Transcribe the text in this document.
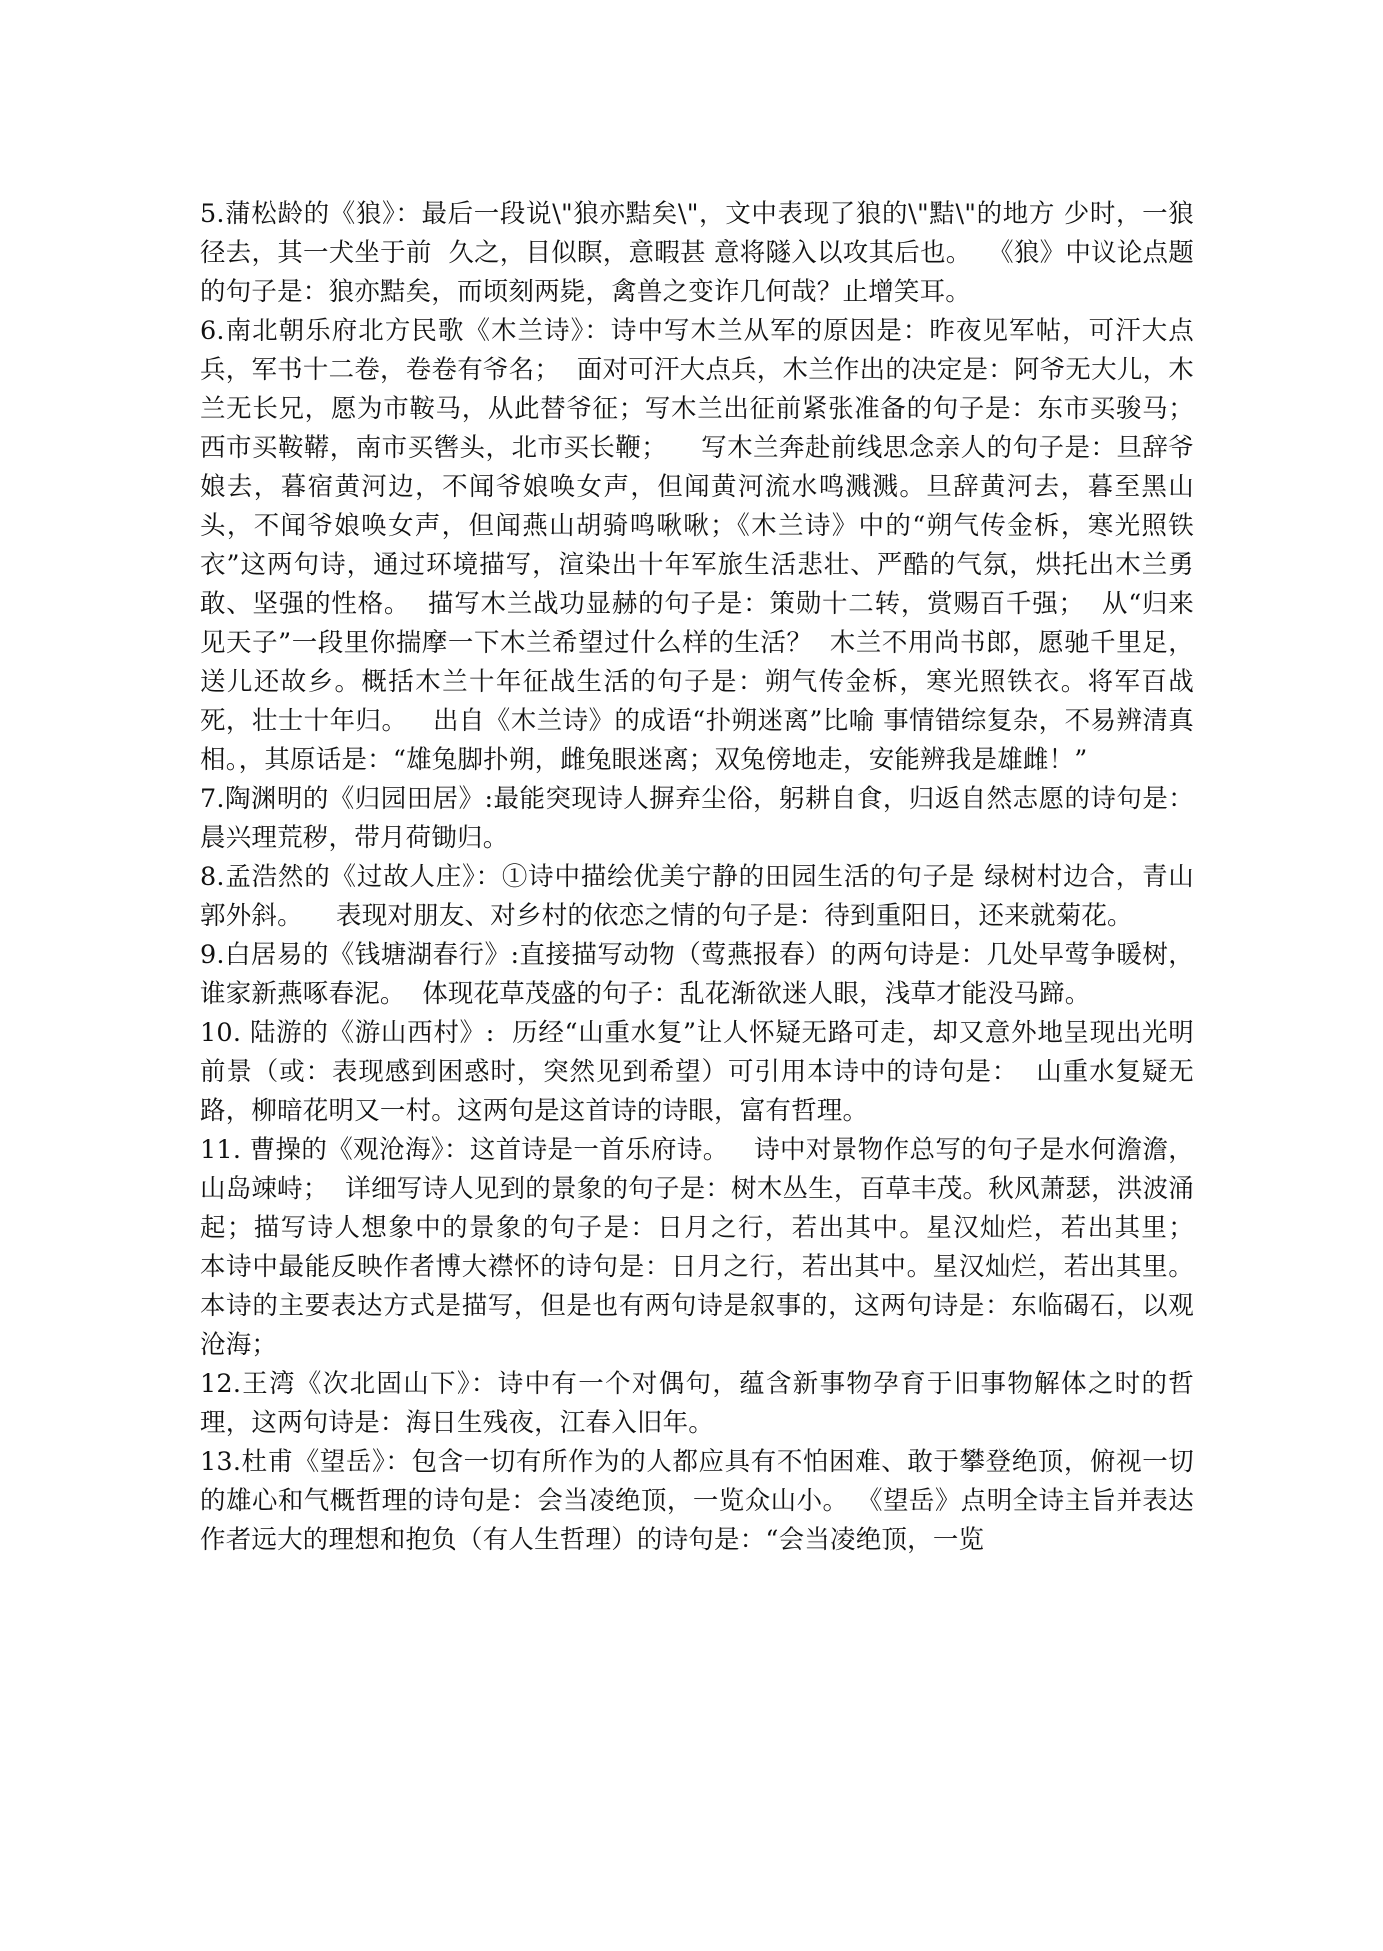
5.蒲松龄的《狼》：最后一段说\"狼亦黠矣\"，文中表现了狼的\"黠\"的地方 少时，一狼径去，其一犬坐于前  久之，目似瞑，意暇甚 意将隧入以攻其后也。  《狼》中议论点题的句子是：狼亦黠矣，而顷刻两毙，禽兽之变诈几何哉？止增笑耳。

6.南北朝乐府北方民歌《木兰诗》：诗中写木兰从军的原因是：昨夜见军帖，可汗大点兵，军书十二卷，卷卷有爷名；  面对可汗大点兵，木兰作出的决定是：阿爷无大儿，木兰无长兄，愿为市鞍马，从此替爷征；写木兰出征前紧张准备的句子是：东市买骏马；西市买鞍鞯，南市买辔头，北市买长鞭；    写木兰奔赴前线思念亲人的句子是：旦辞爷娘去，暮宿黄河边，不闻爷娘唤女声，但闻黄河流水鸣溅溅。旦辞黄河去，暮至黑山头，不闻爷娘唤女声，但闻燕山胡骑鸣啾啾；《木兰诗》中的“朔气传金柝，寒光照铁衣”这两句诗，通过环境描写，渲染出十年军旅生活悲壮、严酷的气氛，烘托出木兰勇敢、坚强的性格。  描写木兰战功显赫的句子是：策勋十二转，赏赐百千强；  从“归来见天子”一段里你揣摩一下木兰希望过什么样的生活？  木兰不用尚书郎，愿驰千里足，送儿还故乡。概括木兰十年征战生活的句子是：朔气传金柝，寒光照铁衣。将军百战死，壮士十年归。   出自《木兰诗》的成语“扑朔迷离”比喻 事情错综复杂，不易辨清真相。，其原话是：“雄兔脚扑朔，雌兔眼迷离；双兔傍地走，安能辨我是雄雌！”

7.陶渊明的《归园田居》:最能突现诗人摒弃尘俗，躬耕自食，归返自然志愿的诗句是：晨兴理荒秽，带月荷锄归。

8.孟浩然的《过故人庄》：①诗中描绘优美宁静的田园生活的句子是 绿树村边合，青山郭外斜。    表现对朋友、对乡村的依恋之情的句子是：待到重阳日，还来就菊花。

9.白居易的《钱塘湖春行》:直接描写动物（莺燕报春）的两句诗是：几处早莺争暖树，谁家新燕啄春泥。  体现花草茂盛的句子：乱花渐欲迷人眼，浅草才能没马蹄。

10. 陆游的《游山西村》:  历经“山重水复”让人怀疑无路可走，却又意外地呈现出光明前景（或：表现感到困惑时，突然见到希望）可引用本诗中的诗句是：  山重水复疑无路，柳暗花明又一村。这两句是这首诗的诗眼，富有哲理。

11. 曹操的《观沧海》：这首诗是一首乐府诗。   诗中对景物作总写的句子是水何澹澹，山岛竦峙；  详细写诗人见到的景象的句子是：树木丛生，百草丰茂。秋风萧瑟，洪波涌起；描写诗人想象中的景象的句子是：日月之行，若出其中。星汉灿烂，若出其里；   本诗中最能反映作者博大襟怀的诗句是：日月之行，若出其中。星汉灿烂，若出其里。  本诗的主要表达方式是描写，但是也有两句诗是叙事的，这两句诗是：东临碣石，以观沧海；

12.王湾《次北固山下》：诗中有一个对偶句，蕴含新事物孕育于旧事物解体之时的哲理，这两句诗是：海日生残夜，江春入旧年。

13.杜甫《望岳》：包含一切有所作为的人都应具有不怕困难、敢于攀登绝顶，俯视一切的雄心和气概哲理的诗句是：会当凌绝顶，一览众山小。 《望岳》点明全诗主旨并表达作者远大的理想和抱负（有人生哲理）的诗句是：“会当凌绝顶，一览
